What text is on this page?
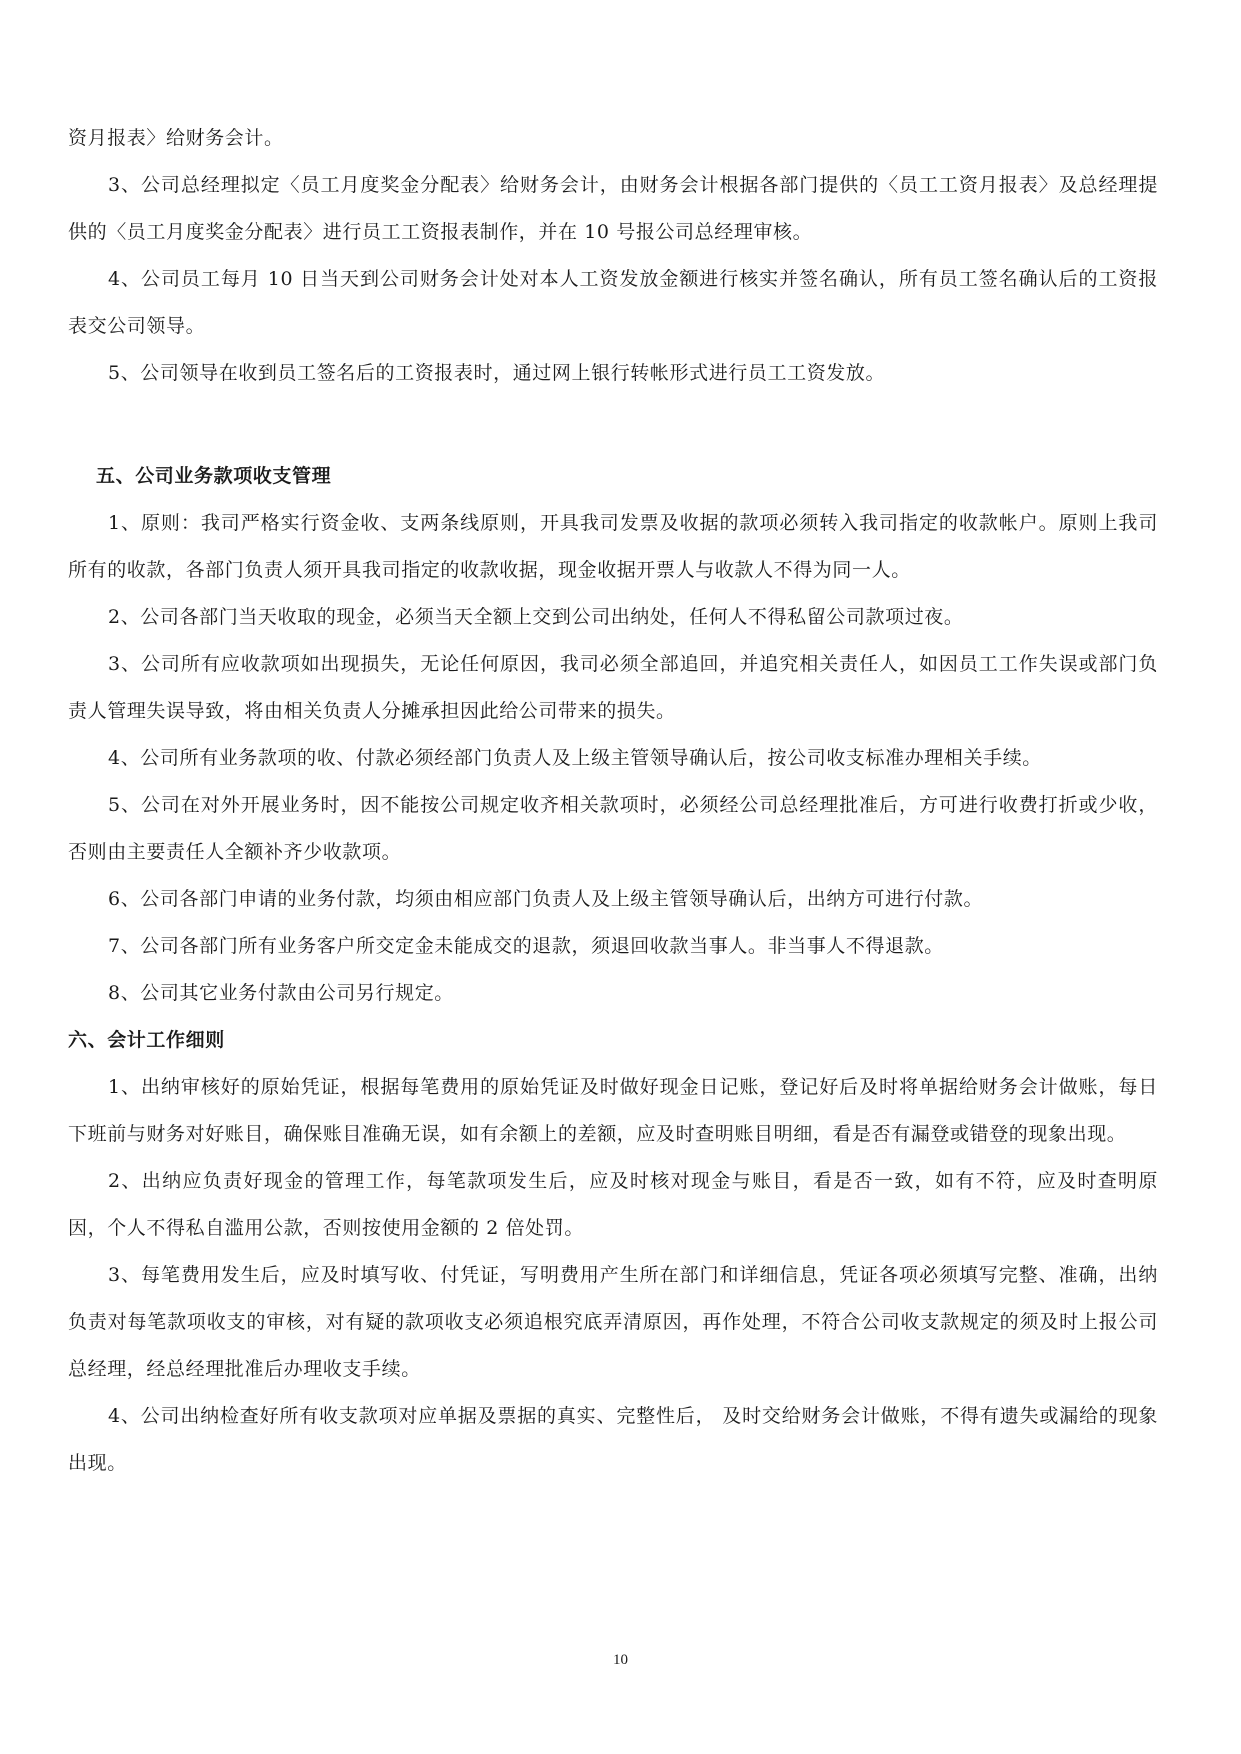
资月报表〉给财务会计。

3、公司总经理拟定〈员工月度奖金分配表〉给财务会计，由财务会计根据各部门提供的〈员工工资月报表〉及总经理提供的〈员工月度奖金分配表〉进行员工工资报表制作，并在 10 号报公司总经理审核。

4、公司员工每月 10 日当天到公司财务会计处对本人工资发放金额进行核实并签名确认，所有员工签名确认后的工资报表交公司领导。

5、公司领导在收到员工签名后的工资报表时，通过网上银行转帐形式进行员工工资发放。

五、公司业务款项收支管理

1、原则：我司严格实行资金收、支两条线原则，开具我司发票及收据的款项必须转入我司指定的收款帐户。原则上我司所有的收款，各部门负责人须开具我司指定的收款收据，现金收据开票人与收款人不得为同一人。

2、公司各部门当天收取的现金，必须当天全额上交到公司出纳处，任何人不得私留公司款项过夜。

3、公司所有应收款项如出现损失，无论任何原因，我司必须全部追回，并追究相关责任人，如因员工工作失误或部门负责人管理失误导致，将由相关负责人分摊承担因此给公司带来的损失。

4、公司所有业务款项的收、付款必须经部门负责人及上级主管领导确认后，按公司收支标准办理相关手续。

5、公司在对外开展业务时，因不能按公司规定收齐相关款项时，必须经公司总经理批准后，方可进行收费打折或少收，否则由主要责任人全额补齐少收款项。

6、公司各部门申请的业务付款，均须由相应部门负责人及上级主管领导确认后，出纳方可进行付款。

7、公司各部门所有业务客户所交定金未能成交的退款，须退回收款当事人。非当事人不得退款。

8、公司其它业务付款由公司另行规定。

六、会计工作细则

1、出纳审核好的原始凭证，根据每笔费用的原始凭证及时做好现金日记账，登记好后及时将单据给财务会计做账，每日下班前与财务对好账目，确保账目准确无误，如有余额上的差额，应及时查明账目明细，看是否有漏登或错登的现象出现。

2、出纳应负责好现金的管理工作，每笔款项发生后，应及时核对现金与账目，看是否一致，如有不符，应及时查明原因，个人不得私自滥用公款，否则按使用金额的 2 倍处罚。

3、每笔费用发生后，应及时填写收、付凭证，写明费用产生所在部门和详细信息，凭证各项必须填写完整、准确，出纳负责对每笔款项收支的审核，对有疑的款项收支必须追根究底弄清原因，再作处理，不符合公司收支款规定的须及时上报公司总经理，经总经理批准后办理收支手续。

4、公司出纳检查好所有收支款项对应单据及票据的真实、完整性后， 及时交给财务会计做账，不得有遗失或漏给的现象出现。

10
